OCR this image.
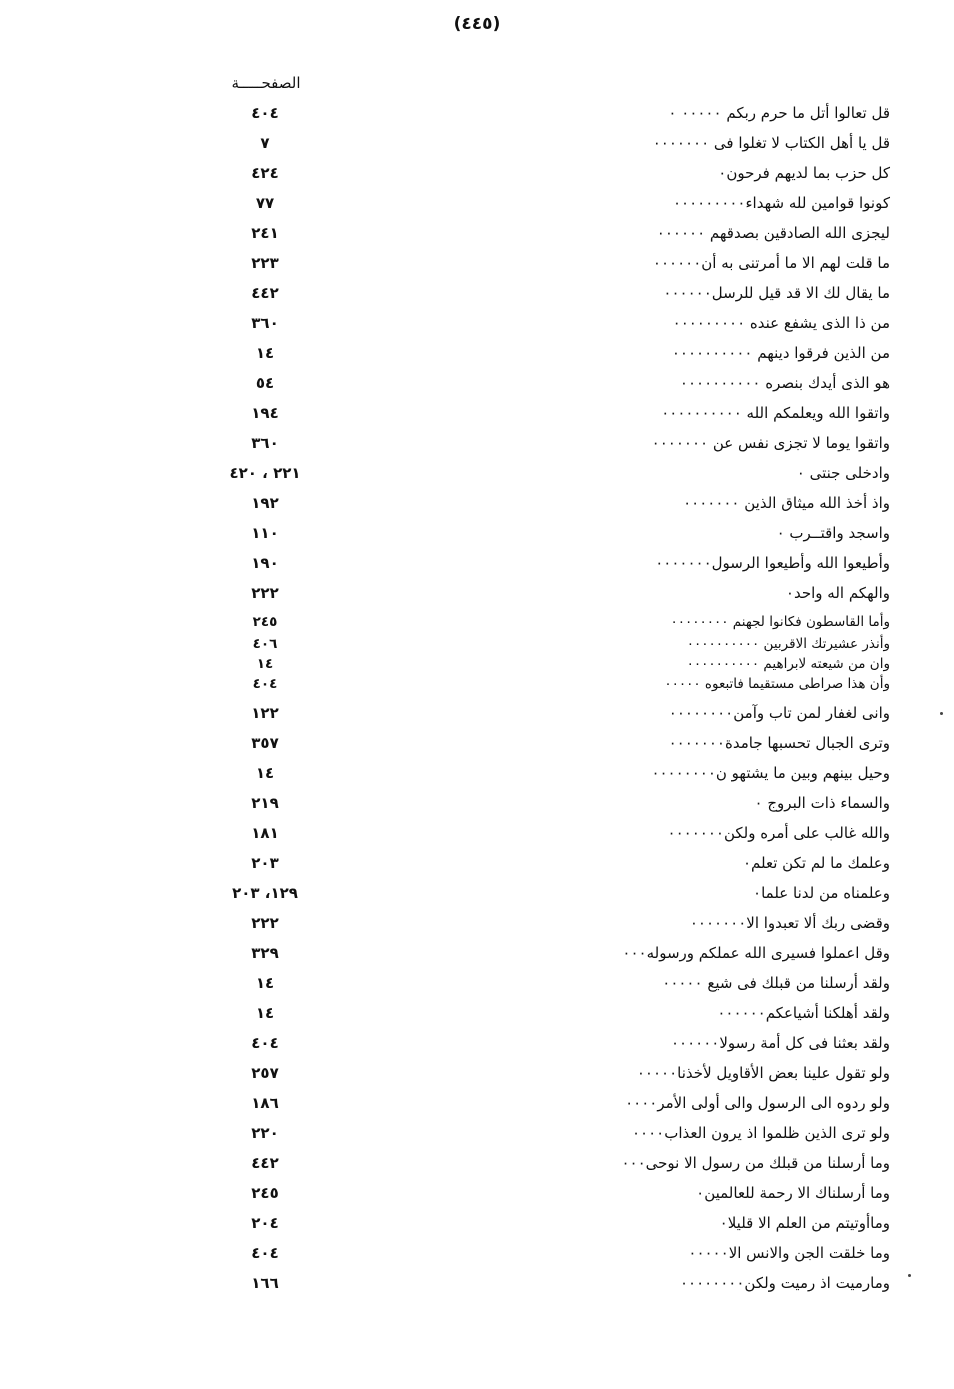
(٤٤٥)
الصفحـــــة
قل تعالوا أتل ما حرم ربكم ٠٠٠٠٠ ٠
٤٠٤
قل يا أهل الكتاب لا تغلوا فى ٠٠٠٠٠٠٠
٧
كل حزب بما لديهم فرحون٠
٤٢٤
كونوا قوامين لله شهداء٠٠٠٠٠٠٠٠٠
٧٧
ليجزى الله الصادقين بصدقهم ٠٠٠٠٠٠
٢٤١
ما قلت لهم الا ما أمرتنى به أن٠٠٠٠٠٠
٢٢٣
ما يقال لك الا قد قيل للرسل٠٠٠٠٠٠
٤٤٢
من ذا الذى يشفع عنده ٠٠٠٠٠٠٠٠٠
٣٦٠
من الذين فرقوا دينهم ٠٠٠٠٠٠٠٠٠٠
١٤
هو الذى أيدك بنصره ٠٠٠٠٠٠٠٠٠٠
٥٤
واتقوا الله ويعلمكم الله ٠٠٠٠٠٠٠٠٠٠
١٩٤
واتقوا يوما لا تجزى نفس عن ٠٠٠٠٠٠٠
٣٦٠
وادخلى جنتى ٠
٢٢١ ، ٤٢٠
واذ أخذ الله ميثاق الذين ٠٠٠٠٠٠٠
١٩٢
واسجد واقتــرب ٠
١١٠
وأطيعوا الله وأطيعوا الرسول٠٠٠٠٠٠٠
١٩٠
والهكم اله واحد٠
٢٢٢
وأما القاسطون فكانوا لجهنم ٠٠٠٠٠٠٠٠
٢٤٥
وأنذر عشيرتك الاقربين ٠٠٠٠٠٠٠٠٠٠
٤٠٦
وان من شيعته لابراهيم ٠٠٠٠٠٠٠٠٠٠
١٤
وأن هذا صراطى مستقيما فاتبعوه ٠٠٠٠٠
٤٠٤
وانى لغفار لمن تاب وآمن٠٠٠٠٠٠٠٠
١٢٢
وترى الجبال تحسبها جامدة٠٠٠٠٠٠٠
٣٥٧
وحيل بينهم وبين ما يشتهو ن٠٠٠٠٠٠٠٠
١٤
والسماء ذات البروج ٠
٢١٩
والله غالب على أمره ولكن٠٠٠٠٠٠٠
١٨١
وعلمك ما لم تكن تعلم٠
٢٠٣
وعلمناه من لدنا علما٠
١٢٩، ٢٠٣
وقضى ربك ألا تعبدوا الا٠٠٠٠٠٠٠
٢٢٢
وقل اعملوا فسيرى الله عملكم ورسوله٠٠٠
٣٢٩
ولقد أرسلنا من قبلك فى شيع ٠٠٠٠٠
١٤
ولقد أهلكنا أشياعكم٠٠٠٠٠٠
١٤
ولقد بعثنا فى كل أمة رسولا٠٠٠٠٠٠
٤٠٤
ولو تقول علينا بعض الأقاويل لأخذنا٠٠٠٠٠
٢٥٧
ولو ردوه الى الرسول والى أولى الأمر٠٠٠٠
١٨٦
ولو ترى الذين ظلموا اذ يرون العذاب٠٠٠٠
٢٢٠
وما أرسلنا من قبلك من رسول الا نوحى٠٠٠
٤٤٢
وما أرسلناك الا رحمة للعالمين٠
٢٤٥
وماأوتيتم من العلم الا قليلا٠
٢٠٤
وما خلقت الجن والانس الا٠٠٠٠٠
٤٠٤
ومارميت اذ رميت ولكن٠٠٠٠٠٠٠٠
١٦٦
